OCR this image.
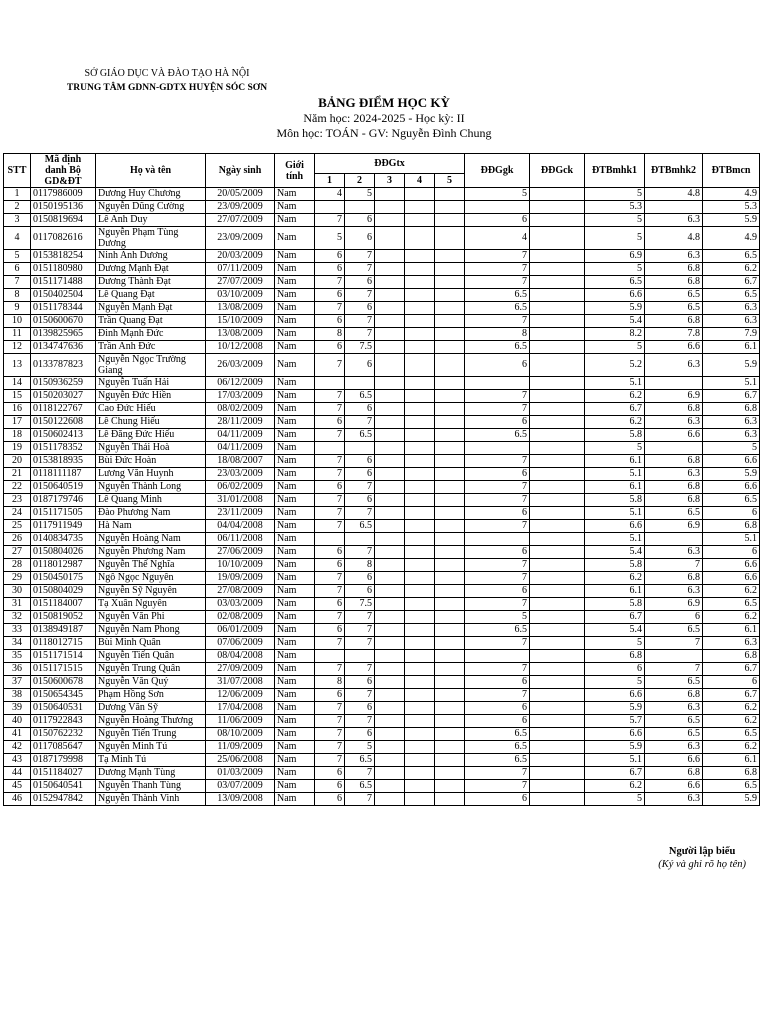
SỞ GIÁO DỤC VÀ ĐÀO TẠO HÀ NỘI
TRUNG TÂM GDNN-GDTX HUYỆN SÓC SƠN
BẢNG ĐIỂM HỌC KỲ
Năm học: 2024-2025 - Học kỳ: II
Môn học: TOÁN - GV: Nguyễn Đình Chung
STT	Mã định danh Bộ GD&ĐT	Họ và tên	Ngày sinh	Giới tính	ĐĐGtx					ĐĐGgk	ĐĐGck	ĐTBmhk1	ĐTBmhk2	ĐTBmcn
					1	2	3	4	5					
1	0117986009	Dương Huy Chương	20/05/2009	Nam	4	5				5		5	4.8	4.9
2	0150195136	Nguyễn Dũng Cường	23/09/2009	Nam								5.3		5.3
3	0150819694	Lê Anh Duy	27/07/2009	Nam	7	6				6		5	6.3	5.9
4	0117082616	Nguyễn Phạm Tùng Dương	23/09/2009	Nam	5	6				4		5	4.8	4.9
5	0153818254	Ninh Anh Dương	20/03/2009	Nam	6	7				7		6.9	6.3	6.5
6	0151180980	Dương Mạnh Đạt	07/11/2009	Nam	6	7				7		5	6.8	6.2
7	0151171488	Dương Thành Đạt	27/07/2009	Nam	7	6				7		6.5	6.8	6.7
8	0150402504	Lê Quang Đạt	03/10/2009	Nam	6	7				6.5		6.6	6.5	6.5
9	0151178344	Nguyễn Mạnh Đạt	13/08/2009	Nam	7	6				6.5		5.9	6.5	6.3
10	0150600670	Trần Quang Đạt	15/10/2009	Nam	6	7				7		5.4	6.8	6.3
11	0139825965	Đinh Mạnh Đức	13/08/2009	Nam	8	7				8		8.2	7.8	7.9
12	0134747636	Trần Anh Đức	10/12/2008	Nam	6	7.5				6.5		5	6.6	6.1
13	0133787823	Nguyễn Ngọc Trường Giang	26/03/2009	Nam	7	6				6		5.2	6.3	5.9
14	0150936259	Nguyễn Tuấn Hải	06/12/2009	Nam								5.1		5.1
15	0150203027	Nguyễn Đức Hiền	17/03/2009	Nam	7	6.5				7		6.2	6.9	6.7
16	0118122767	Cao Đức Hiếu	08/02/2009	Nam	7	6				7		6.7	6.8	6.8
17	0150122608	Lê Chung Hiếu	28/11/2009	Nam	6	7				6		6.2	6.3	6.3
18	0150602413	Lê Đăng Đức Hiếu	04/11/2009	Nam	7	6.5				6.5		5.8	6.6	6.3
19	0151178352	Nguyễn Thái Hoà	04/11/2009	Nam								5		5
20	0153818935	Bùi Đức Hoàn	18/08/2007	Nam	7	6				7		6.1	6.8	6.6
21	0118111187	Lương Văn Huynh	23/03/2009	Nam	7	6				6		5.1	6.3	5.9
22	0150640519	Nguyễn Thành Long	06/02/2009	Nam	6	7				7		6.1	6.8	6.6
23	0187179746	Lê Quang Minh	31/01/2008	Nam	7	6				7		5.8	6.8	6.5
24	0151171505	Đào Phương Nam	23/11/2009	Nam	7	7				6		5.1	6.5	6
25	0117911949	Hà Nam	04/04/2008	Nam	7	6.5				7		6.6	6.9	6.8
26	0140834735	Nguyễn Hoàng Nam	06/11/2008	Nam								5.1		5.1
27	0150804026	Nguyễn Phương Nam	27/06/2009	Nam	6	7				6		5.4	6.3	6
28	0118012987	Nguyễn Thế Nghĩa	10/10/2009	Nam	6	8				7		5.8	7	6.6
29	0150450175	Ngô Ngọc Nguyên	19/09/2009	Nam	7	6				7		6.2	6.8	6.6
30	0150804029	Nguyễn Sỹ Nguyên	27/08/2009	Nam	7	6				6		6.1	6.3	6.2
31	0151184007	Tạ Xuân Nguyên	03/03/2009	Nam	6	7.5				7		5.8	6.9	6.5
32	0150819052	Nguyễn Văn Phi	02/08/2009	Nam	7	7				5		6.7	6	6.2
33	0138949187	Nguyễn Nam Phong	06/01/2009	Nam	6	7				6.5		5.4	6.5	6.1
34	0118012715	Bùi Minh Quân	07/06/2009	Nam	7	7				7		5	7	6.3
35	0151171514	Nguyễn Tiến Quân	08/04/2008	Nam								6.8		6.8
36	0151171515	Nguyễn Trung Quân	27/09/2009	Nam	7	7				7		6	7	6.7
37	0150600678	Nguyễn Văn Quý	31/07/2008	Nam	8	6				6		5	6.5	6
38	0150654345	Phạm Hồng Sơn	12/06/2009	Nam	6	7				7		6.6	6.8	6.7
39	0150640531	Dương Văn Sỹ	17/04/2008	Nam	7	6				6		5.9	6.3	6.2
40	0117922843	Nguyễn Hoàng Thương	11/06/2009	Nam	7	7				6		5.7	6.5	6.2
41	0150762232	Nguyễn Tiến Trung	08/10/2009	Nam	7	6				6.5		6.6	6.5	6.5
42	0117085647	Nguyễn Minh Tú	11/09/2009	Nam	7	5				6.5		5.9	6.3	6.2
43	0187179998	Tạ Minh Tú	25/06/2008	Nam	7	6.5				6.5		5.1	6.6	6.1
44	0151184027	Dương Mạnh Tùng	01/03/2009	Nam	6	7				7		6.7	6.8	6.8
45	0150640541	Nguyễn Thanh Tùng	03/07/2009	Nam	6	6.5				7		6.2	6.6	6.5
46	0152947842	Nguyễn Thành Vinh	13/09/2008	Nam	6	7				6		5	6.3	5.9
Người lập biểu
(Ký và ghi rõ họ tên)
